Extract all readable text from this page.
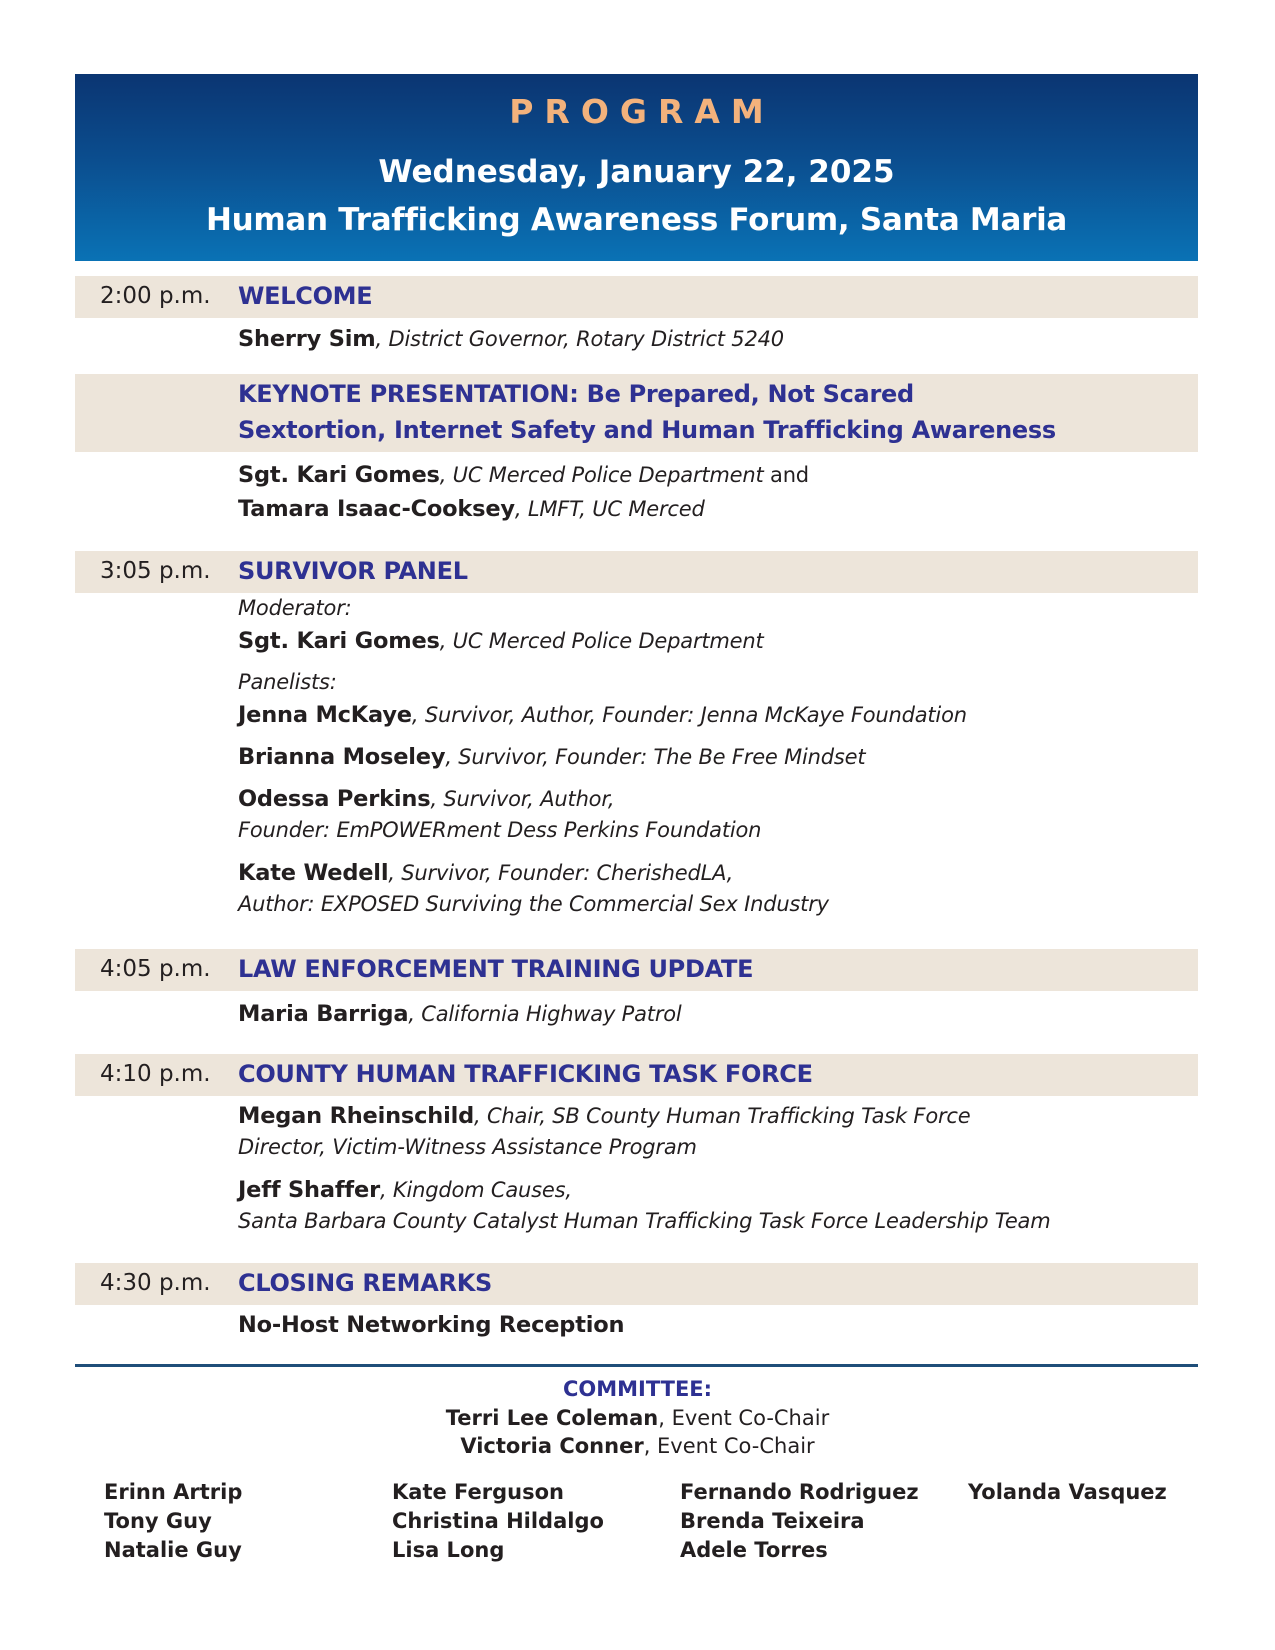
PROGRAM
Wednesday, January 22, 2025
Human Trafficking Awareness Forum, Santa Maria
2:00 p.m. WELCOME
Sherry Sim, District Governor, Rotary District 5240
KEYNOTE PRESENTATION: Be Prepared, Not Scared
Sextortion, Internet Safety and Human Trafficking Awareness
Sgt. Kari Gomes, UC Merced Police Department and
Tamara Isaac-Cooksey, LMFT, UC Merced
3:05 p.m. SURVIVOR PANEL
Moderator:
Sgt. Kari Gomes, UC Merced Police Department
Panelists:
Jenna McKaye, Survivor, Author, Founder: Jenna McKaye Foundation
Brianna Moseley, Survivor, Founder: The Be Free Mindset
Odessa Perkins, Survivor, Author,
Founder: EmPOWERment Dess Perkins Foundation
Kate Wedell, Survivor, Founder: CherishedLA,
Author: EXPOSED Surviving the Commercial Sex Industry
4:05 p.m. LAW ENFORCEMENT TRAINING UPDATE
Maria Barriga, California Highway Patrol
4:10 p.m. COUNTY HUMAN TRAFFICKING TASK FORCE
Megan Rheinschild, Chair, SB County Human Trafficking Task Force
Director, Victim-Witness Assistance Program
Jeff Shaffer, Kingdom Causes,
Santa Barbara County Catalyst Human Trafficking Task Force Leadership Team
4:30 p.m. CLOSING REMARKS
No-Host Networking Reception
COMMITTEE:
Terri Lee Coleman, Event Co-Chair
Victoria Conner, Event Co-Chair
Erinn Artrip
Tony Guy
Natalie Guy
Kate Ferguson
Christina Hildalgo
Lisa Long
Fernando Rodriguez
Brenda Teixeira
Adele Torres
Yolanda Vasquez
